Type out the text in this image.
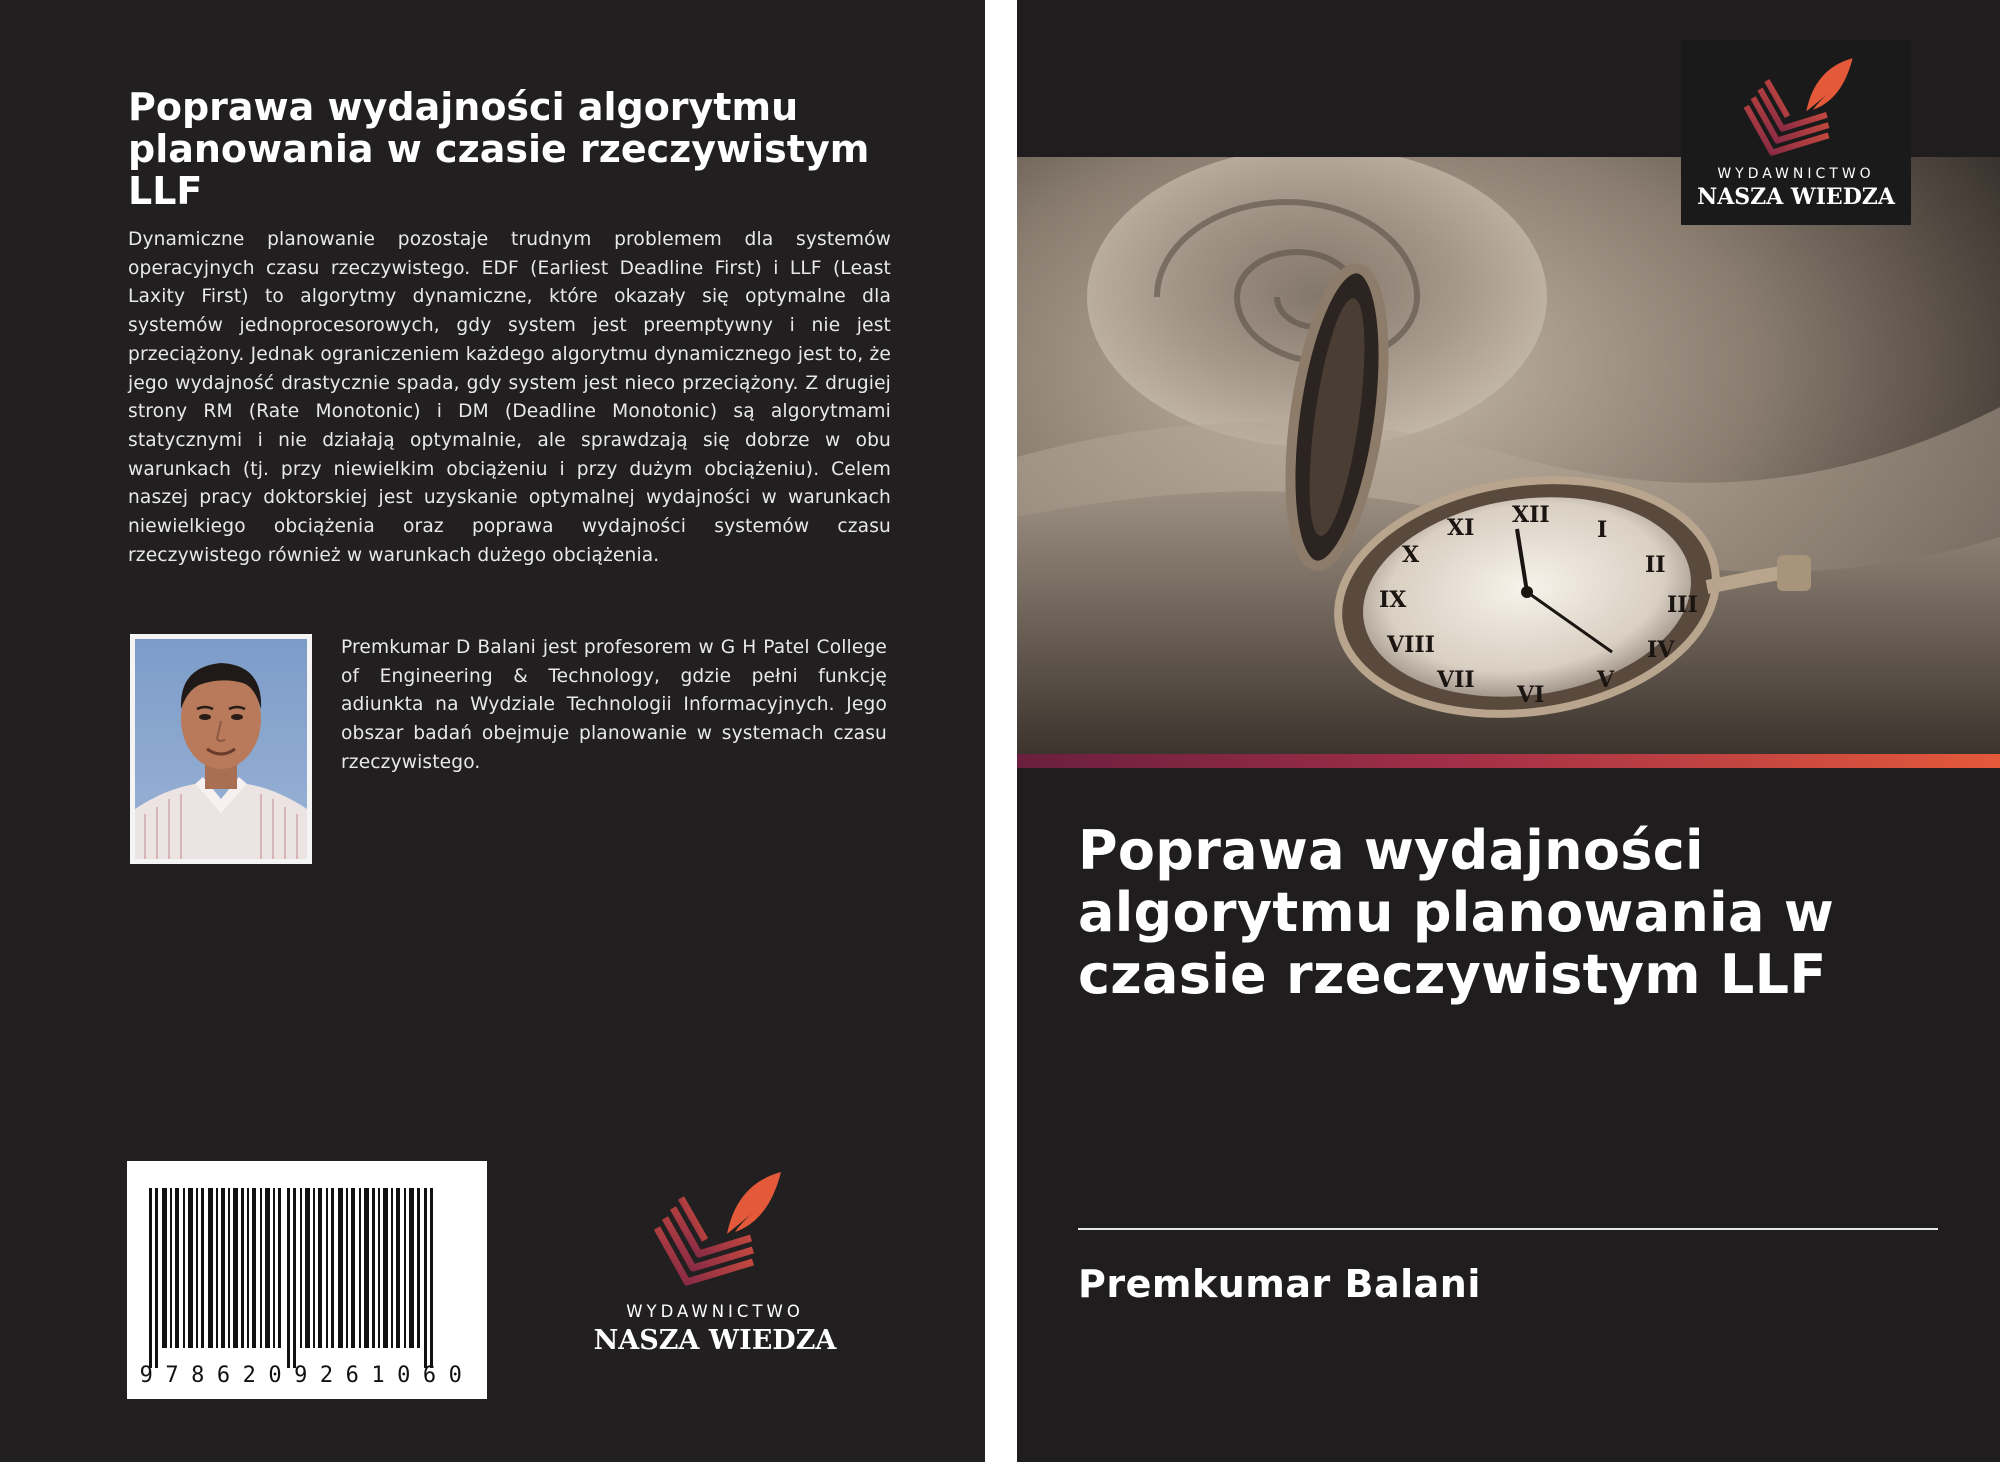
Poprawa wydajności algorytmu planowania w czasie rzeczywistym LLF

Dynamiczne planowanie pozostaje trudnym problemem dla systemów operacyjnych czasu rzeczywistego. EDF (Earliest Deadline First) i LLF (Least Laxity First) to algorytmy dynamiczne, które okazały się optymalne dla systemów jednoprocesorowych, gdy system jest preemptywny i nie jest przeciążony. Jednak ograniczeniem każdego algorytmu dynamicznego jest to, że jego wydajność drastycznie spada, gdy system jest nieco przeciążony. Z drugiej strony RM (Rate Monotonic) i DM (Deadline Monotonic) są algorytmami statycznymi i nie działają optymalnie, ale sprawdzają się dobrze w obu warunkach (tj. przy niewielkim obciążeniu i przy dużym obciążeniu). Celem naszej pracy doktorskiej jest uzyskanie optymalnej wydajności w warunkach niewielkiego obciążenia oraz poprawa wydajności systemów czasu rzeczywistego również w warunkach dużego obciążenia.

Premkumar D Balani jest profesorem w G H Patel College of Engineering & Technology, gdzie pełni funkcję adiunkta na Wydziale Technologii Informacyjnych. Jego obszar badań obejmuje planowanie w systemach czasu rzeczywistego.

9786209261060
WYDAWNICTWO
NASZA WIEDZA
XII
I
II
III
IV
V
VI
VII
VIII
IX
X
XI
WYDAWNICTWO
NASZA WIEDZA
Poprawa wydajności algorytmu planowania w czasie rzeczywistym LLF
Premkumar Balani
